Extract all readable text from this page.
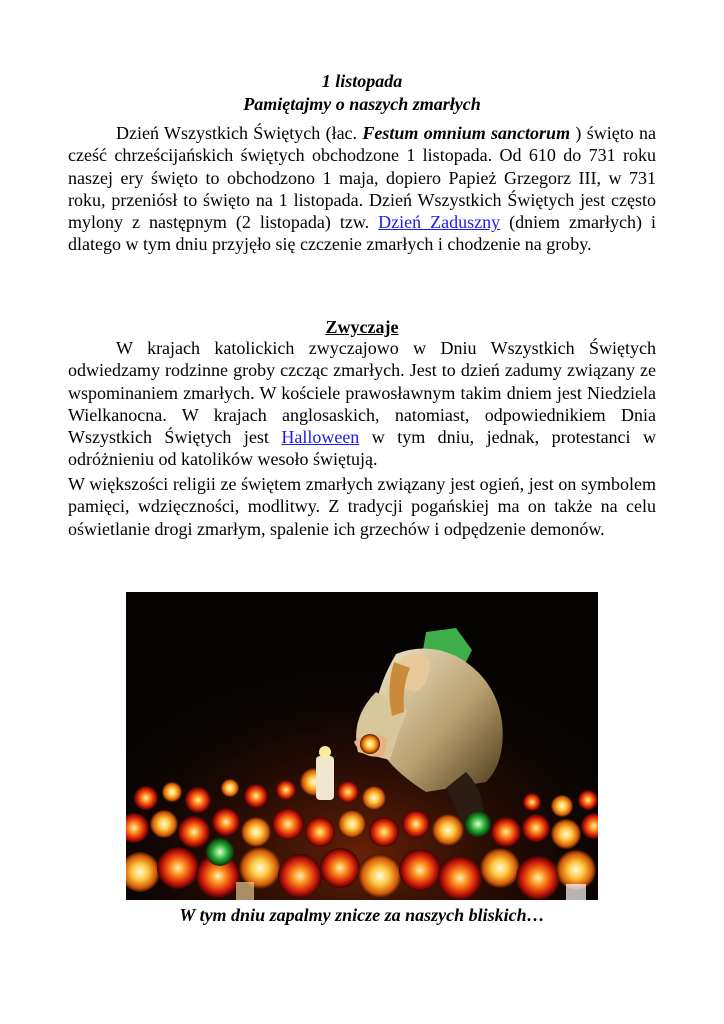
1 listopada
Pamiętajmy o naszych zmarłych

Dzień Wszystkich Świętych (łac. Festum omnium sanctorum ) święto na cześć chrześcijańskich świętych obchodzone 1 listopada. Od 610 do 731 roku naszej ery święto to obchodzono 1 maja, dopiero Papież Grzegorz III, w 731 roku, przeniósł to święto na 1 listopada. Dzień Wszystkich Świętych jest często mylony z następnym (2 listopada) tzw. Dzień Zaduszny (dniem zmarłych) i dlatego w tym dniu przyjęło się czczenie zmarłych i chodzenie na groby.

Zwyczaje

W krajach katolickich zwyczajowo w Dniu Wszystkich Świętych odwiedzamy rodzinne groby czcząc zmarłych. Jest to dzień zadumy związany ze wspominaniem zmarłych. W kościele prawosławnym takim dniem jest Niedziela Wielkanocna. W krajach anglosaskich, natomiast, odpowiednikiem Dnia Wszystkich Świętych jest Halloween w tym dniu, jednak, protestanci w odróżnieniu od katolików wesoło świętują.

W większości religii ze świętem zmarłych związany jest ogień, jest on symbolem pamięci, wdzięczności, modlitwy. Z tradycji pogańskiej ma on także na celu oświetlanie drogi zmarłym, spalenie ich grzechów i odpędzenie demonów.

W tym dniu zapalmy znicze za naszych bliskich…
